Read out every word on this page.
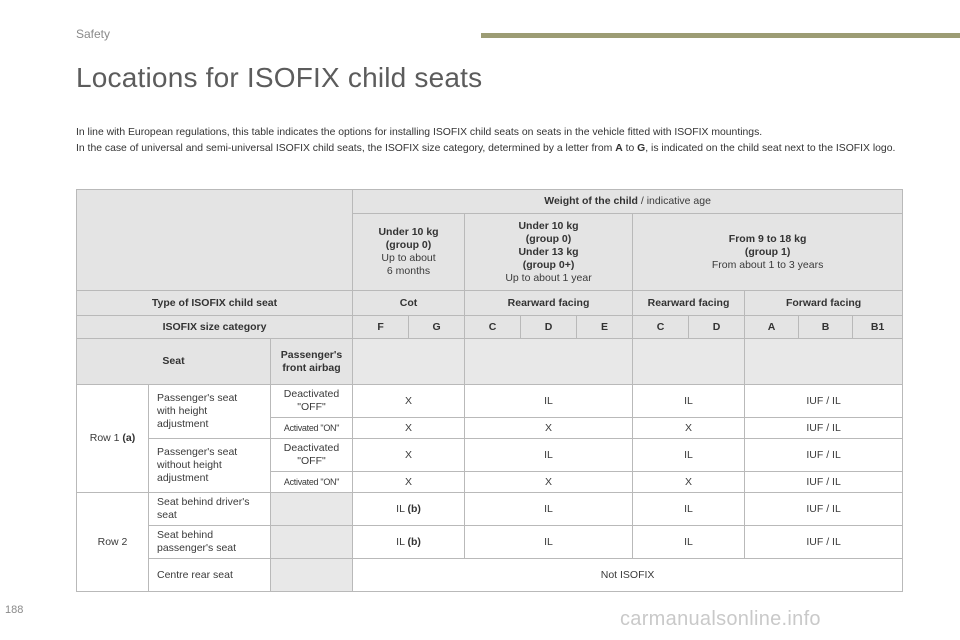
Safety
Locations for ISOFIX child seats

In line with European regulations, this table indicates the options for installing ISOFIX child seats on seats in the vehicle fitted with ISOFIX mountings.
In the case of universal and semi-universal ISOFIX child seats, the ISOFIX size category, determined by a letter from A to G, is indicated on the child seat next to the ISOFIX logo.

			Weight of the child / indicative age									
			Under 10 kg
(group 0)
Up to about
6 months		Under 10 kg
(group 0)
Under 13 kg
(group 0+)
Up to about 1 year			From 9 to 18 kg
(group 1)
From about 1 to 3 years				
Type of ISOFIX child seat			Cot		Rearward facing			Rearward facing		Forward facing		
ISOFIX size category			F	G	C	D	E	C	D	A	B	B1
Seat		Passenger's
front airbag										
Row 1 (a)	Passenger's seat
with height
adjustment	Deactivated
"OFF"	X		IL			IL		IUF / IL		
		Activated "ON"	X		X			X		IUF / IL		
	Passenger's seat
without height
adjustment	Deactivated
"OFF"	X		IL			IL		IUF / IL		
		Activated "ON"	X		X			X		IUF / IL		
Row 2	Seat behind driver's
seat		IL (b)		IL			IL		IUF / IL		
	Seat behind
passenger's seat		IL (b)		IL			IL		IUF / IL		
	Centre rear seat		Not ISOFIX									
188	carmanualsonline.info
